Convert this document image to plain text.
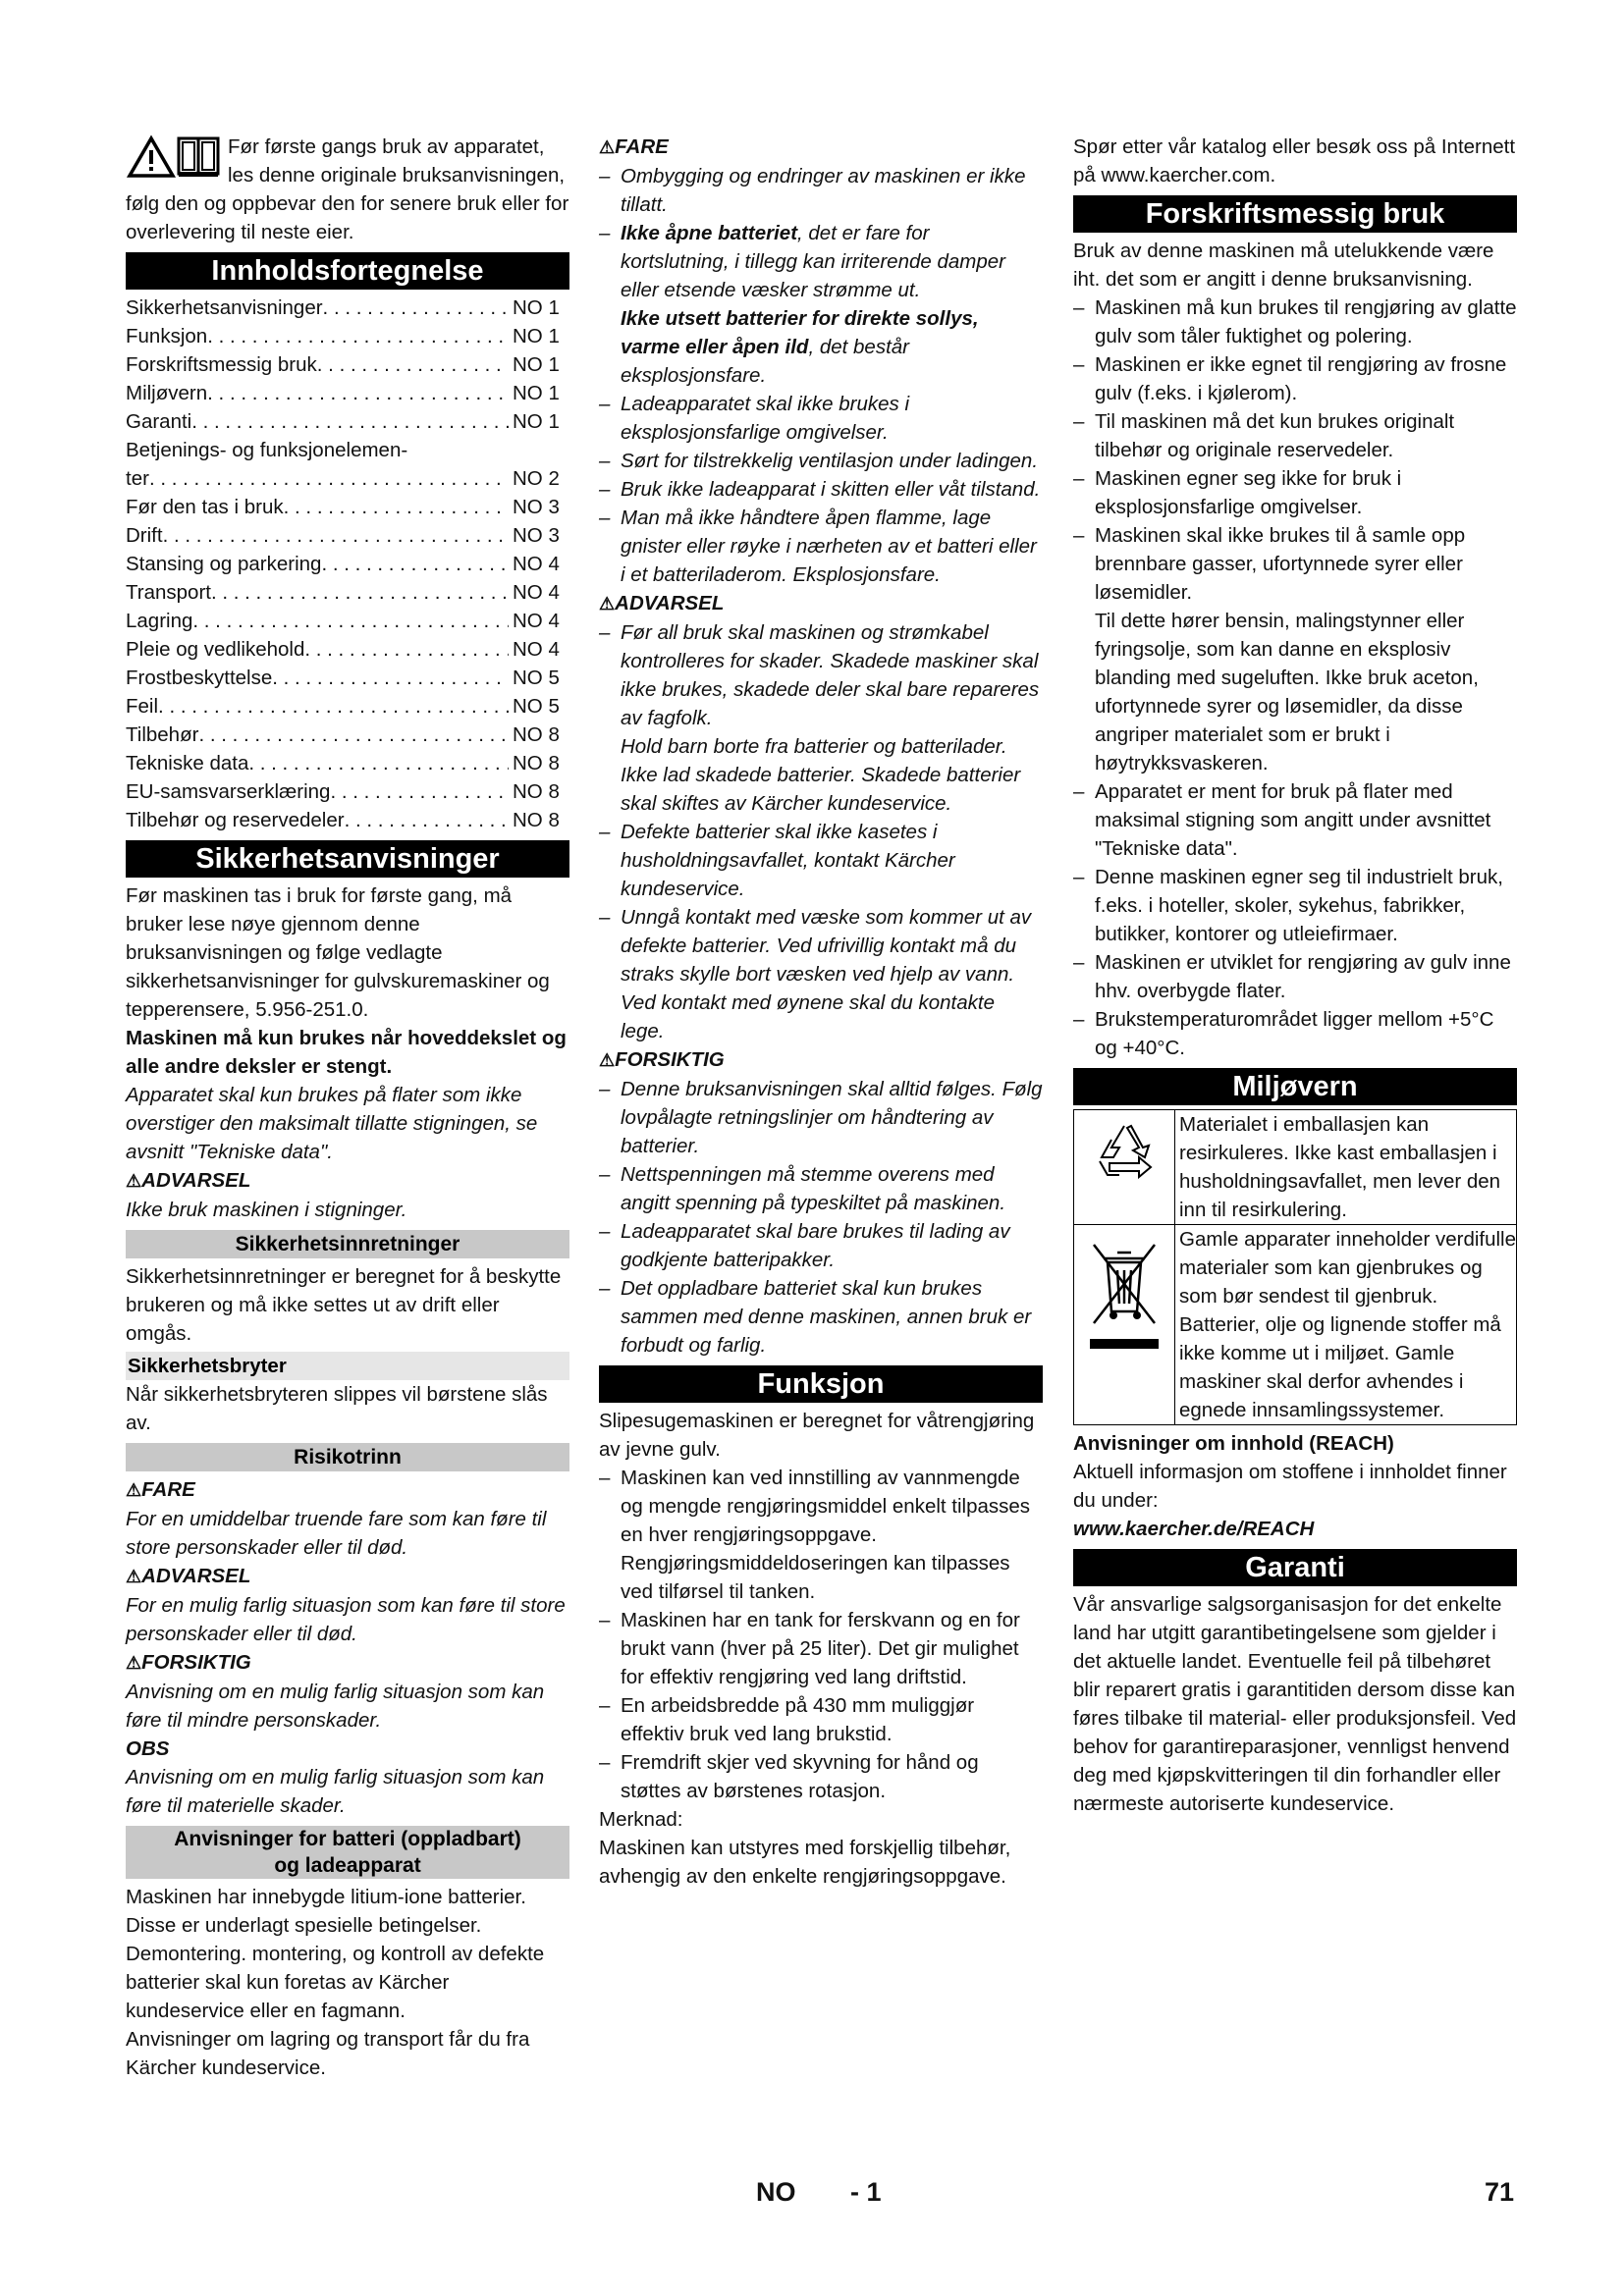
Før første gangs bruk av apparatet, les denne originale bruksanvisningen, følg den og oppbevar den for senere bruk eller for overlevering til neste eier.

Innholdsfortegnelse
Sikkerhetsanvisninger . . .	NO 1
Funksjon . . .	NO 1
Forskriftsmessig bruk . . .	NO 1
Miljøvern . . .	NO 1
Garanti . . .	NO 1
Betjenings- og funksjonelemen-
ter . . .	NO 2
Før den tas i bruk . . .	NO 3
Drift . . .	NO 3
Stansing og parkering . . .	NO 4
Transport . . .	NO 4
Lagring . . .	NO 4
Pleie og vedlikehold . . .	NO 4
Frostbeskyttelse . . .	NO 5
Feil . . .	NO 5
Tilbehør . . .	NO 8
Tekniske data . . .	NO 8
EU-samsvarserklæring . . .	NO 8
Tilbehør og reservedeler . . .	NO 8
Sikkerhetsanvisninger

Før maskinen tas i bruk for første gang, må bruker lese nøye gjennom denne bruksanvisningen og følge vedlagte sikkerhetsanvisninger for gulvskuremaskiner og tepperensere, 5.956-251.0.

Maskinen må kun brukes når hoveddekslet og alle andre deksler er stengt.

Apparatet skal kun brukes på flater som ikke overstiger den maksimalt tillatte stigningen, se avsnitt "Tekniske data".

⚠ADVARSEL

Ikke bruk maskinen i stigninger.

Sikkerhetsinnretninger

Sikkerhetsinnretninger er beregnet for å beskytte brukeren og må ikke settes ut av drift eller omgås.

Sikkerhetsbryter

Når sikkerhetsbryteren slippes vil børstene slås av.

Risikotrinn

⚠FARE

For en umiddelbar truende fare som kan føre til store personskader eller til død.

⚠ADVARSEL

For en mulig farlig situasjon som kan føre til store personskader eller til død.

⚠FORSIKTIG

Anvisning om en mulig farlig situasjon som kan føre til mindre personskader.

OBS

Anvisning om en mulig farlig situasjon som kan føre til materielle skader.

Anvisninger for batteri (oppladbart)
og ladeapparat

Maskinen har innebygde litium-ione batterier. Disse er underlagt spesielle betingelser. Demontering. montering, og kontroll av defekte batterier skal kun foretas av Kärcher kundeservice eller en fagmann.

Anvisninger om lagring og transport får du fra Kärcher kundeservice.

⚠FARE

– Ombygging og endringer av maskinen er ikke tillatt.

– Ikke åpne batteriet, det er fare for kortslutning, i tillegg kan irriterende damper eller etsende væsker strømme ut.

Ikke utsett batterier for direkte sollys, varme eller åpen ild, det består eksplosjonsfare.

– Ladeapparatet skal ikke brukes i eksplosjonsfarlige omgivelser.

– Sørt for tilstrekkelig ventilasjon under ladingen.

– Bruk ikke ladeapparat i skitten eller våt tilstand.

– Man må ikke håndtere åpen flamme, lage gnister eller røyke i nærheten av et batteri eller i et batteriladerom. Eksplosjonsfare.

⚠ADVARSEL

– Før all bruk skal maskinen og strømkabel kontrolleres for skader. Skadede maskiner skal ikke brukes, skadede deler skal bare repareres av fagfolk.

Hold barn borte fra batterier og batterilader.

Ikke lad skadede batterier. Skadede batterier skal skiftes av Kärcher kundeservice.

– Defekte batterier skal ikke kasetes i husholdningsavfallet, kontakt Kärcher kundeservice.

– Unngå kontakt med væske som kommer ut av defekte batterier. Ved ufrivillig kontakt må du straks skylle bort væsken ved hjelp av vann. Ved kontakt med øynene skal du kontakte lege.

⚠FORSIKTIG

– Denne bruksanvisningen skal alltid følges. Følg lovpålagte retningslinjer om håndtering av batterier.

– Nettspenningen må stemme overens med angitt spenning på typeskiltet på maskinen.

– Ladeapparatet skal bare brukes til lading av godkjente batteripakker.

– Det oppladbare batteriet skal kun brukes sammen med denne maskinen, annen bruk er forbudt og farlig.

Funksjon

Slipesugemaskinen er beregnet for våtrengjøring av jevne gulv.

– Maskinen kan ved innstilling av vannmengde og mengde rengjøringsmiddel enkelt tilpasses en hver rengjøringsoppgave.

Rengjøringsmiddeldoseringen kan tilpasses ved tilførsel til tanken.

– Maskinen har en tank for ferskvann og en for brukt vann (hver på 25 liter). Det gir mulighet for effektiv rengjøring ved lang driftstid.

– En arbeidsbredde på 430 mm muliggjør effektiv bruk ved lang brukstid.

– Fremdrift skjer ved skyvning for hånd og støttes av børstenes rotasjon.

Merknad:

Maskinen kan utstyres med forskjellig tilbehør, avhengig av den enkelte rengjøringsoppgave.

Spør etter vår katalog eller besøk oss på Internett på www.kaercher.com.

Forskriftsmessig bruk

Bruk av denne maskinen må utelukkende være iht. det som er angitt i denne bruksanvisning.

– Maskinen må kun brukes til rengjøring av glatte gulv som tåler fuktighet og polering.

– Maskinen er ikke egnet til rengjøring av frosne gulv (f.eks. i kjølerom).

– Til maskinen må det kun brukes originalt tilbehør og originale reservedeler.

– Maskinen egner seg ikke for bruk i eksplosjonsfarlige omgivelser.

– Maskinen skal ikke brukes til å samle opp brennbare gasser, ufortynnede syrer eller løsemidler.

Til dette hører bensin, malingstynner eller fyringsolje, som kan danne en eksplosiv blanding med sugeluften. Ikke bruk aceton, ufortynnede syrer og løsemidler, da disse angriper materialet som er brukt i høytrykksvaskeren.

– Apparatet er ment for bruk på flater med maksimal stigning som angitt under avsnittet "Tekniske data".

– Denne maskinen egner seg til industrielt bruk, f.eks. i hoteller, skoler, sykehus, fabrikker, butikker, kontorer og utleiefirmaer.

– Maskinen er utviklet for rengjøring av gulv inne hhv. overbygde flater.

– Brukstemperaturområdet ligger mellom +5°C og +40°C.

Miljøvern
Materialet i emballasjen kan resirkuleres. Ikke kast emballasjen i husholdningsavfallet, men lever den inn til resirkulering.
Gamle apparater inneholder verdifulle materialer som kan gjenbrukes og som bør sendest til gjenbruk. Batterier, olje og lignende stoffer må ikke komme ut i miljøet. Gamle maskiner skal derfor avhendes i egnede innsamlingssystemer.

Anvisninger om innhold (REACH)

Aktuell informasjon om stoffene i innholdet finner du under:

www.kaercher.de/REACH

Garanti

Vår ansvarlige salgsorganisasjon for det enkelte land har utgitt garantibetingelsene som gjelder i det aktuelle landet. Eventuelle feil på tilbehøret blir reparert gratis i garantitiden dersom disse kan føres tilbake til material- eller produksjonsfeil. Ved behov for garantireparasjoner, vennligst henvend deg med kjøpskvitteringen til din forhandler eller nærmeste autoriserte kundeservice.

NO - 1	71
